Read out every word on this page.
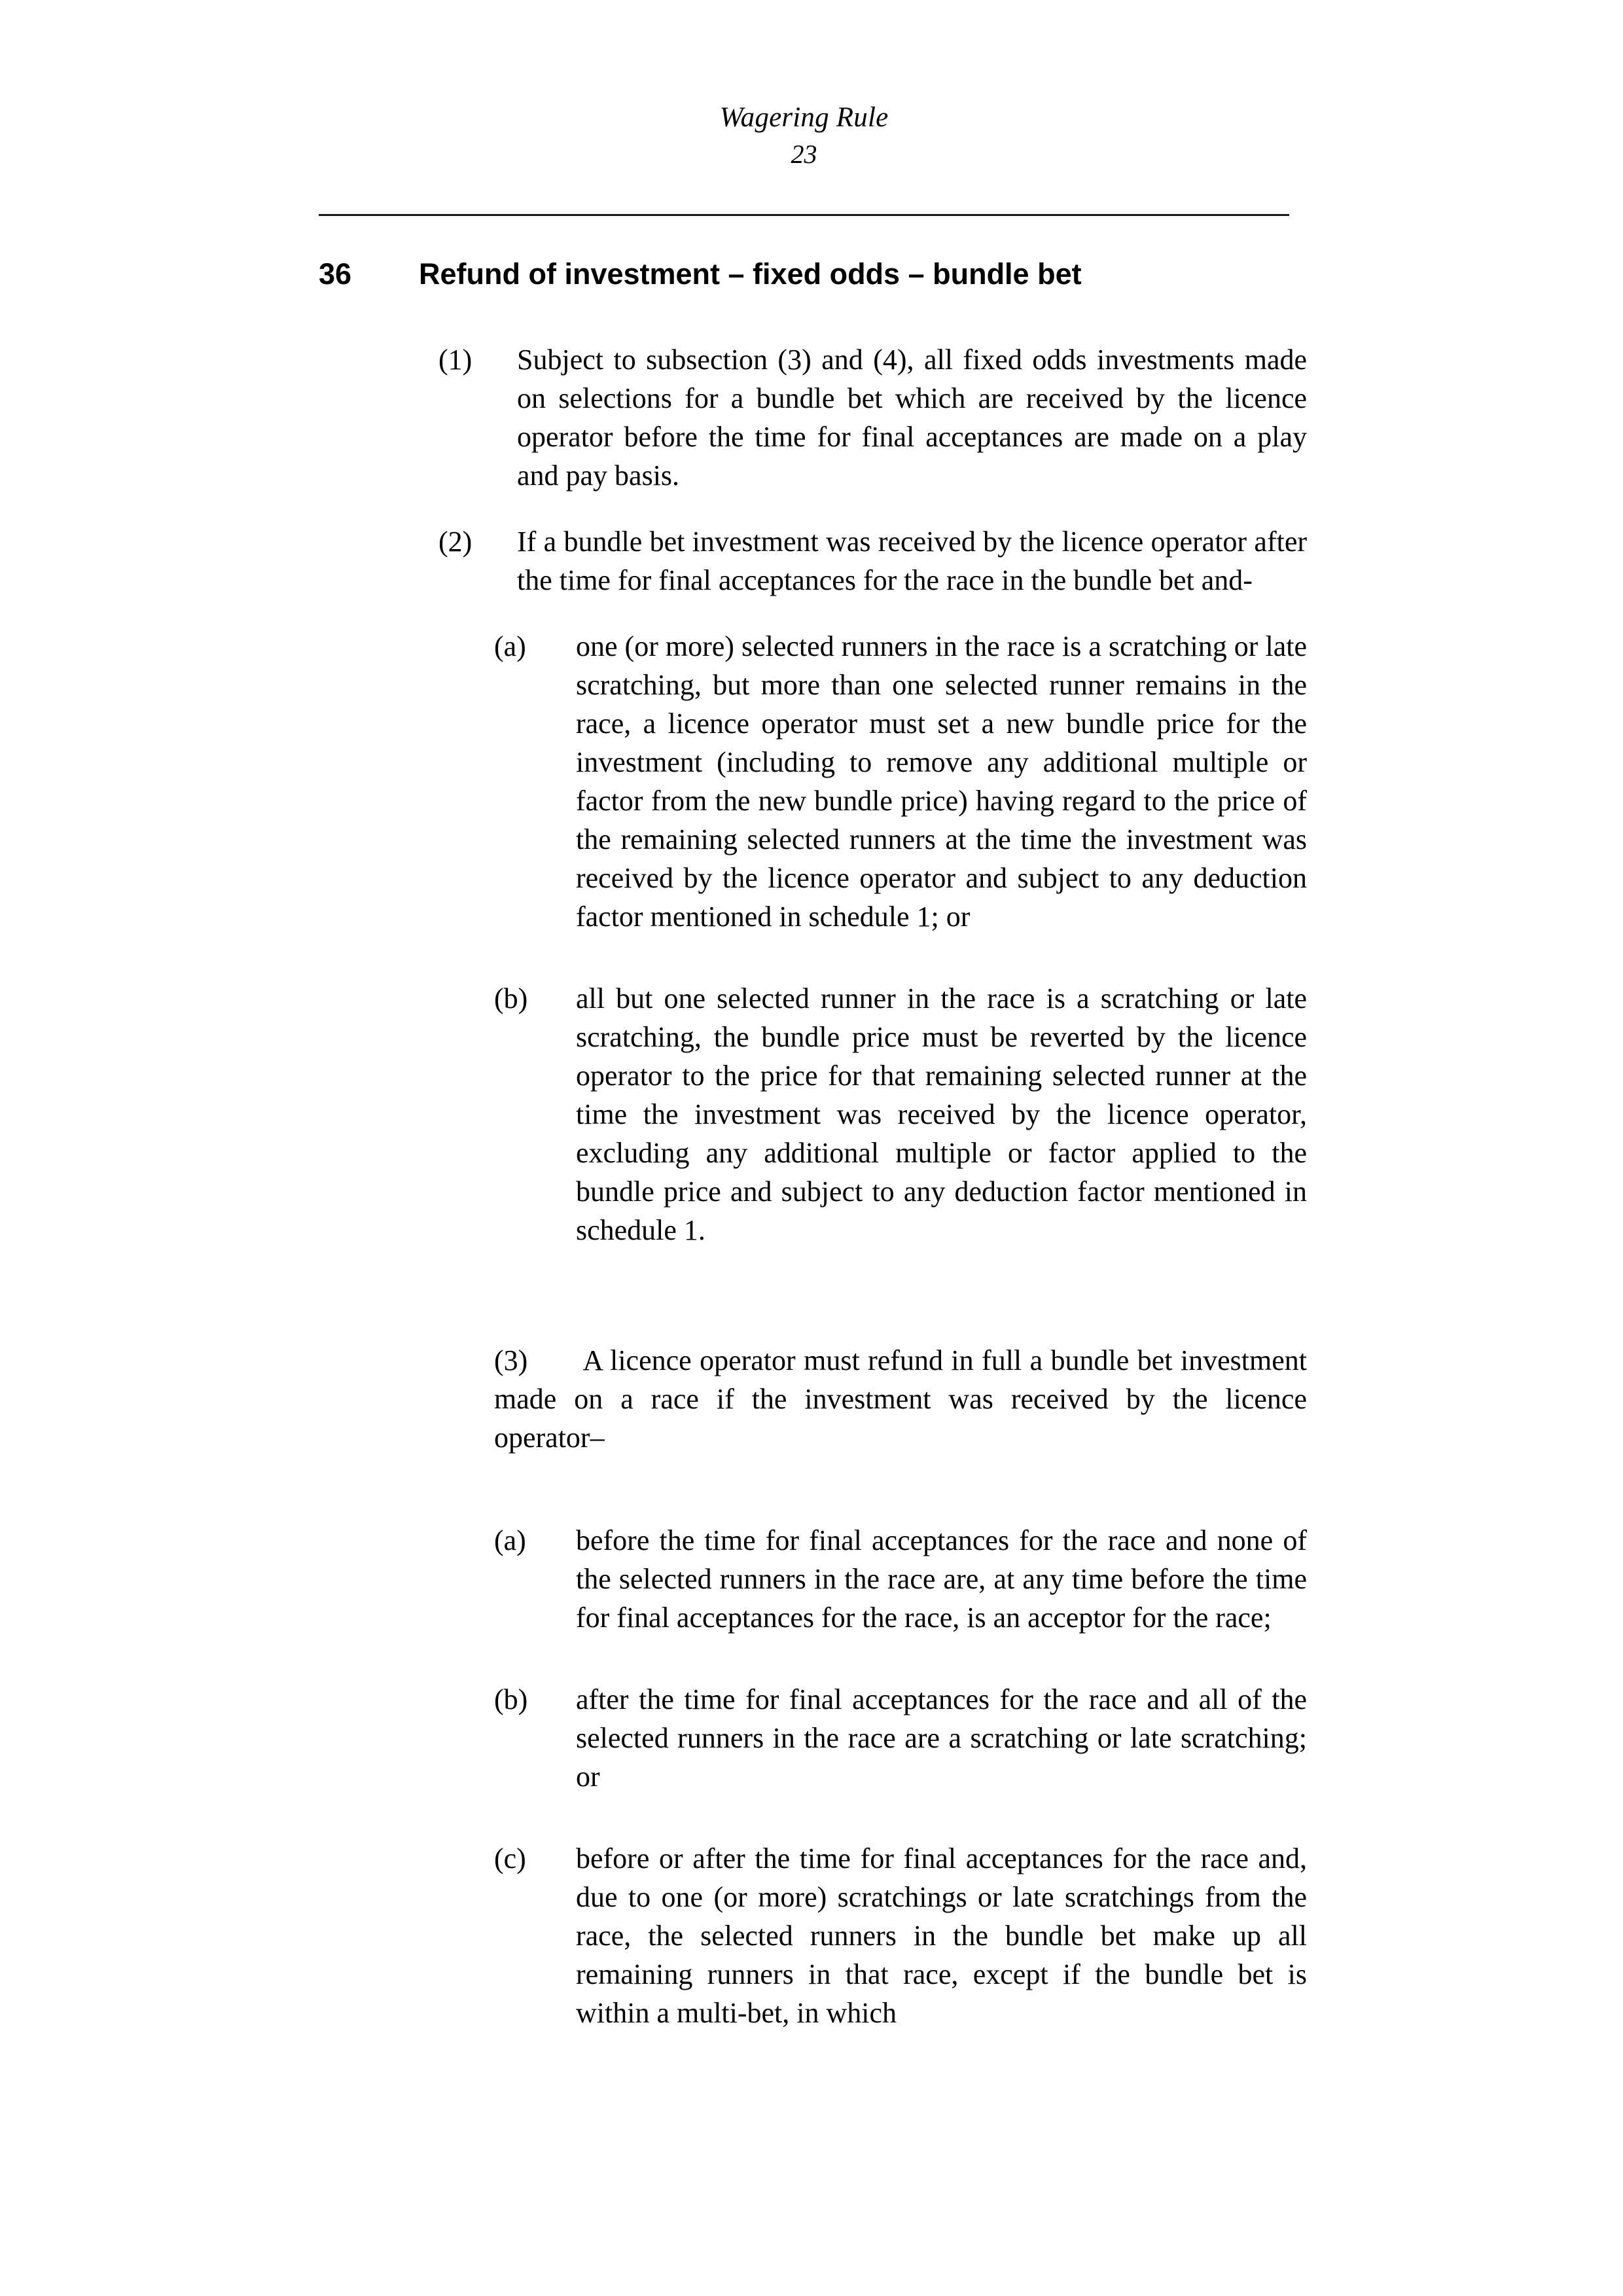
Wagering Rule
23
36 Refund of investment – fixed odds – bundle bet
(1)	Subject to subsection (3) and (4), all fixed odds investments made on selections for a bundle bet which are received by the licence operator before the time for final acceptances are made on a play and pay basis.
(2)	If a bundle bet investment was received by the licence operator after the time for final acceptances for the race in the bundle bet and-
(a)	one (or more) selected runners in the race is a scratching or late scratching, but more than one selected runner remains in the race, a licence operator must set a new bundle price for the investment (including to remove any additional multiple or factor from the new bundle price) having regard to the price of the remaining selected runners at the time the investment was received by the licence operator and subject to any deduction factor mentioned in schedule 1; or
(b)	all but one selected runner in the race is a scratching or late scratching, the bundle price must be reverted by the licence operator to the price for that remaining selected runner at the time the investment was received by the licence operator, excluding any additional multiple or factor applied to the bundle price and subject to any deduction factor mentioned in schedule 1.
(3) A licence operator must refund in full a bundle bet investment made on a race if the investment was received by the licence operator–
(a)	before the time for final acceptances for the race and none of the selected runners in the race are, at any time before the time for final acceptances for the race, is an acceptor for the race;
(b)	after the time for final acceptances for the race and all of the selected runners in the race are a scratching or late scratching; or
(c)	before or after the time for final acceptances for the race and, due to one (or more) scratchings or late scratchings from the race, the selected runners in the bundle bet make up all remaining runners in that race, except if the bundle bet is within a multi-bet, in which
